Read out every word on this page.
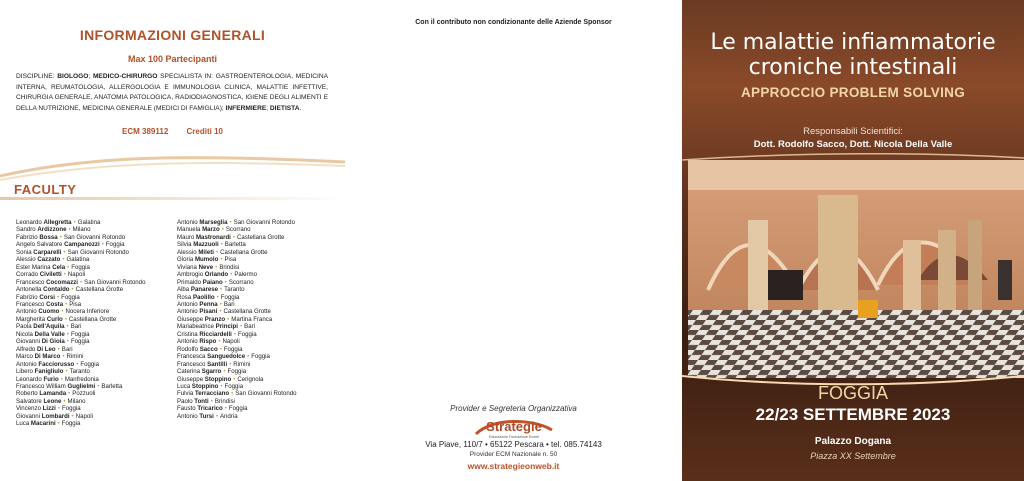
INFORMAZIONI GENERALI
Max 100 Partecipanti
DISCIPLINE: BIOLOGO; MEDICO-CHIRURGO SPECIALISTA IN: GASTROENTEROLOGIA, MEDICINA INTERNA, REUMATOLOGIA, ALLERGOLOGIA E IMMUNOLOGIA CLINICA, MALATTIE INFETTIVE, CHIRURGIA GENERALE, ANATOMIA PATOLOGICA, RADIODIAGNOSTICA, IGIENE DEGLI ALIMENTI E DELLA NUTRIZIONE, MEDICINA GENERALE (MEDICI DI FAMIGLIA); INFERMIERE; DIETISTA.
ECM 389112 Crediti 10
FACULTY
Leonardo Allegretta • Galatina
Sandro Ardizzone • Milano
Fabrizio Bossa • San Giovanni Rotondo
Angelo Salvatore Campanozzi • Foggia
Sonia Carparelli • San Giovanni Rotondo
Alessio Cazzato • Galatina
Ester Marina Cela • Foggia
Corrado Civiletti • Napoli
Francesco Cocomazzi • San Giovanni Rotondo
Antonella Contaldo • Castellana Grotte
Fabrizio Corsi • Foggia
Francesco Costa • Pisa
Antonio Cuomo • Nocera Inferiore
Margherita Curlo • Castellana Grotte
Paola Dell'Aquila • Bari
Nicola Della Valle • Foggia
Giovanni Di Gioia • Foggia
Alfredo Di Leo • Bari
Marco Di Marco • Rimini
Antonio Facciorusso • Foggia
Libero Fanigliulo • Taranto
Leonardo Furio • Manfredonia
Francesco William Guglielmi • Barletta
Roberto Lamanda • Pozzuoli
Salvatore Leone • Milano
Vincenzo Lizzi • Foggia
Giovanni Lombardi • Napoli
Luca Macarini • Foggia
Antonio Marseglia • San Giovanni Rotondo
Manuela Marzo • Scorrano
Mauro Mastronardi • Castellana Grotte
Silvia Mazzuoli • Barletta
Alessio Mileti • Castellana Grotte
Gloria Mumolo • Pisa
Viviana Neve • Brindisi
Ambrogio Orlando • Palermo
Primaldo Paiano • Scorrano
Alba Panarese • Taranto
Rosa Paolillo • Foggia
Antonio Penna • Bari
Antonio Pisani • Castellana Grotte
Giuseppe Pranzo • Martina Franca
Mariabeatrice Principi • Bari
Cristina Ricciardelli • Foggia
Antonio Rispo • Napoli
Rodolfo Sacco • Foggia
Francesca Sanguedolce • Foggia
Francesco Santilli • Rimini
Caterina Sgarro • Foggia
Giuseppe Stoppino • Cerignola
Luca Stoppino • Foggia
Fulvia Terracciano • San Giovanni Rotondo
Paolo Tonti • Brindisi
Fausto Tricarico • Foggia
Antonio Tursi • Andria
Con il contributo non condizionante delle Aziende Sponsor
Provider e Segreteria Organizzativa
Strategie
Educazione Formazione Eventi
Via Piave, 110/7 • 65122 Pescara • tel. 085.74143
Provider ECM Nazionale n. 50
www.strategieonweb.it
Le malattie infiammatorie
croniche intestinali
APPROCCIO PROBLEM SOLVING
Responsabili Scientifici:
Dott. Rodolfo Sacco, Dott. Nicola Della Valle
FOGGIA
22/23 SETTEMBRE 2023
Palazzo Dogana
Piazza XX Settembre
